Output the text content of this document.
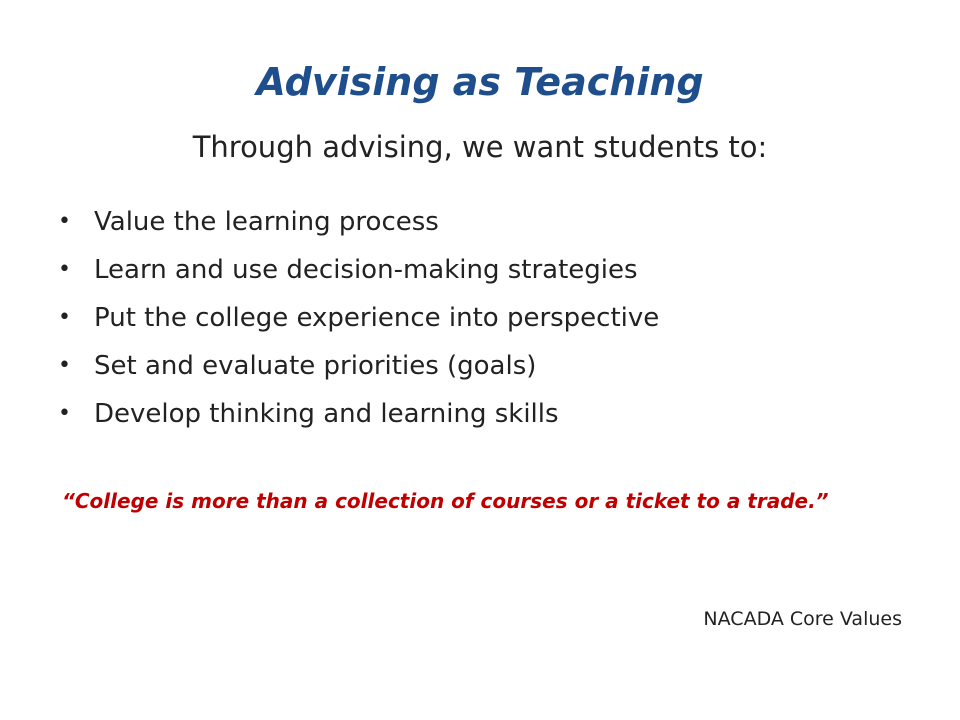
Advising as Teaching
Through advising, we want students to:
• Value the learning process
• Learn and use decision-making strategies
• Put the college experience into perspective
• Set and evaluate priorities (goals)
• Develop thinking and learning skills
“College is more than a collection of courses or a ticket to a trade.”
NACADA Core Values
